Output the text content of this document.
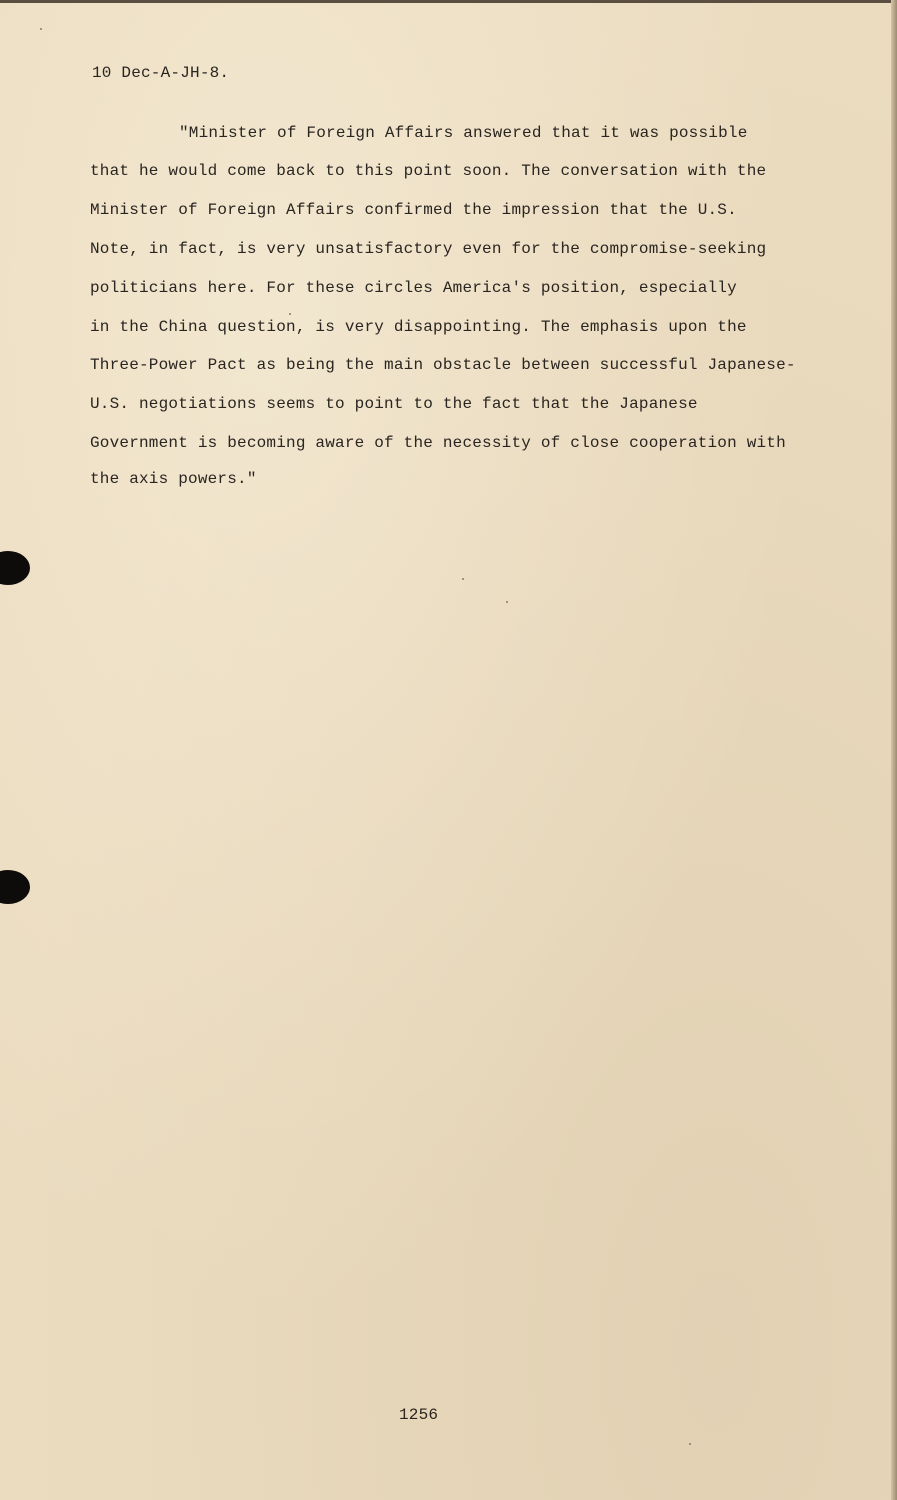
10 Dec-A-JH-8.
"Minister of Foreign Affairs answered that it was possible
that he would come back to this point soon. The conversation with the
Minister of Foreign Affairs confirmed the impression that the U.S.
Note, in fact, is very unsatisfactory even for the compromise-seeking
politicians here. For these circles America's position, especially
in the China question, is very disappointing. The emphasis upon the
Three-Power Pact as being the main obstacle between successful Japanese-
U.S. negotiations seems to point to the fact that the Japanese
Government is becoming aware of the necessity of close cooperation with
the axis powers."
1256
